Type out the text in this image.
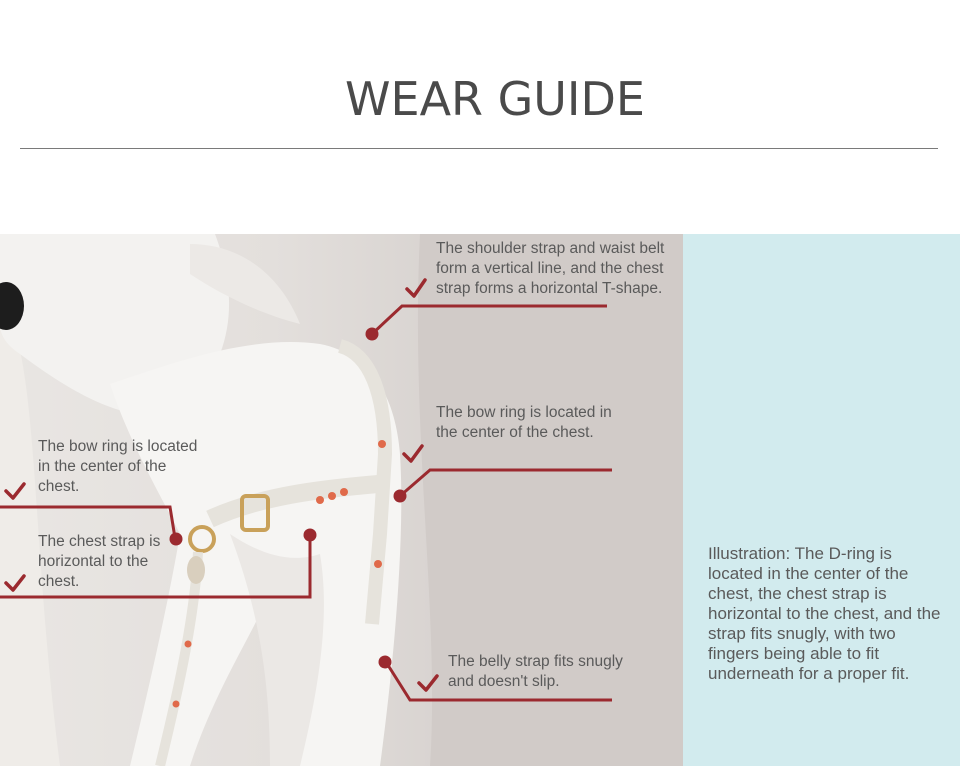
WEAR GUIDE
The shoulder strap and waist belt form a vertical line, and the chest strap forms a horizontal T-shape.
The bow ring is located in the center of the chest.
The bow ring is located in the center of the chest.
The chest strap is horizontal to the chest.
The belly strap fits snugly and doesn't slip.
Illustration: The D-ring is located in the center of the chest, the chest strap is horizontal to the chest, and the strap fits snugly, with two fingers being able to fit underneath for a proper fit.
